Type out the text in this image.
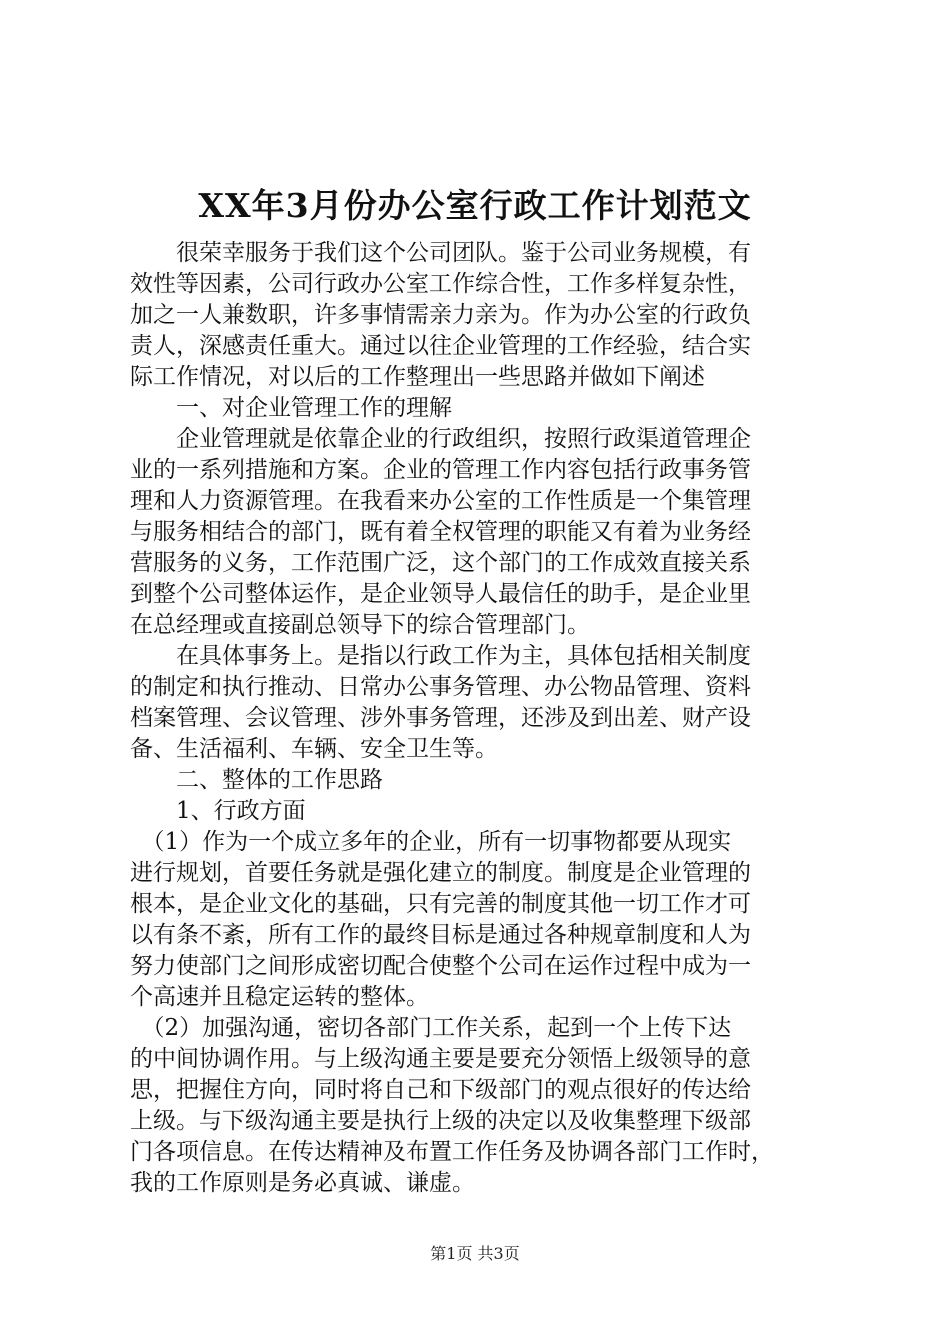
XX年3月份办公室行政工作计划范文
　　很荣幸服务于我们这个公司团队。鉴于公司业务规模，有
效性等因素，公司行政办公室工作综合性，工作多样复杂性，
加之一人兼数职，许多事情需亲力亲为。作为办公室的行政负
责人，深感责任重大。通过以往企业管理的工作经验，结合实
际工作情况，对以后的工作整理出一些思路并做如下阐述
　　一、对企业管理工作的理解
　　企业管理就是依靠企业的行政组织，按照行政渠道管理企
业的一系列措施和方案。企业的管理工作内容包括行政事务管
理和人力资源管理。在我看来办公室的工作性质是一个集管理
与服务相结合的部门，既有着全权管理的职能又有着为业务经
营服务的义务，工作范围广泛，这个部门的工作成效直接关系
到整个公司整体运作，是企业领导人最信任的助手，是企业里
在总经理或直接副总领导下的综合管理部门。
　　在具体事务上。是指以行政工作为主，具体包括相关制度
的制定和执行推动、日常办公事务管理、办公物品管理、资料
档案管理、会议管理、涉外事务管理，还涉及到出差、财产设
备、生活福利、车辆、安全卫生等。
　　二、整体的工作思路
　　1、行政方面
　（1）作为一个成立多年的企业，所有一切事物都要从现实
进行规划，首要任务就是强化建立的制度。制度是企业管理的
根本，是企业文化的基础，只有完善的制度其他一切工作才可
以有条不紊，所有工作的最终目标是通过各种规章制度和人为
努力使部门之间形成密切配合使整个公司在运作过程中成为一
个高速并且稳定运转的整体。
　（2）加强沟通，密切各部门工作关系，起到一个上传下达
的中间协调作用。与上级沟通主要是要充分领悟上级领导的意
思，把握住方向，同时将自己和下级部门的观点很好的传达给
上级。与下级沟通主要是执行上级的决定以及收集整理下级部
门各项信息。在传达精神及布置工作任务及协调各部门工作时，
我的工作原则是务必真诚、谦虚。
第1页 共3页
